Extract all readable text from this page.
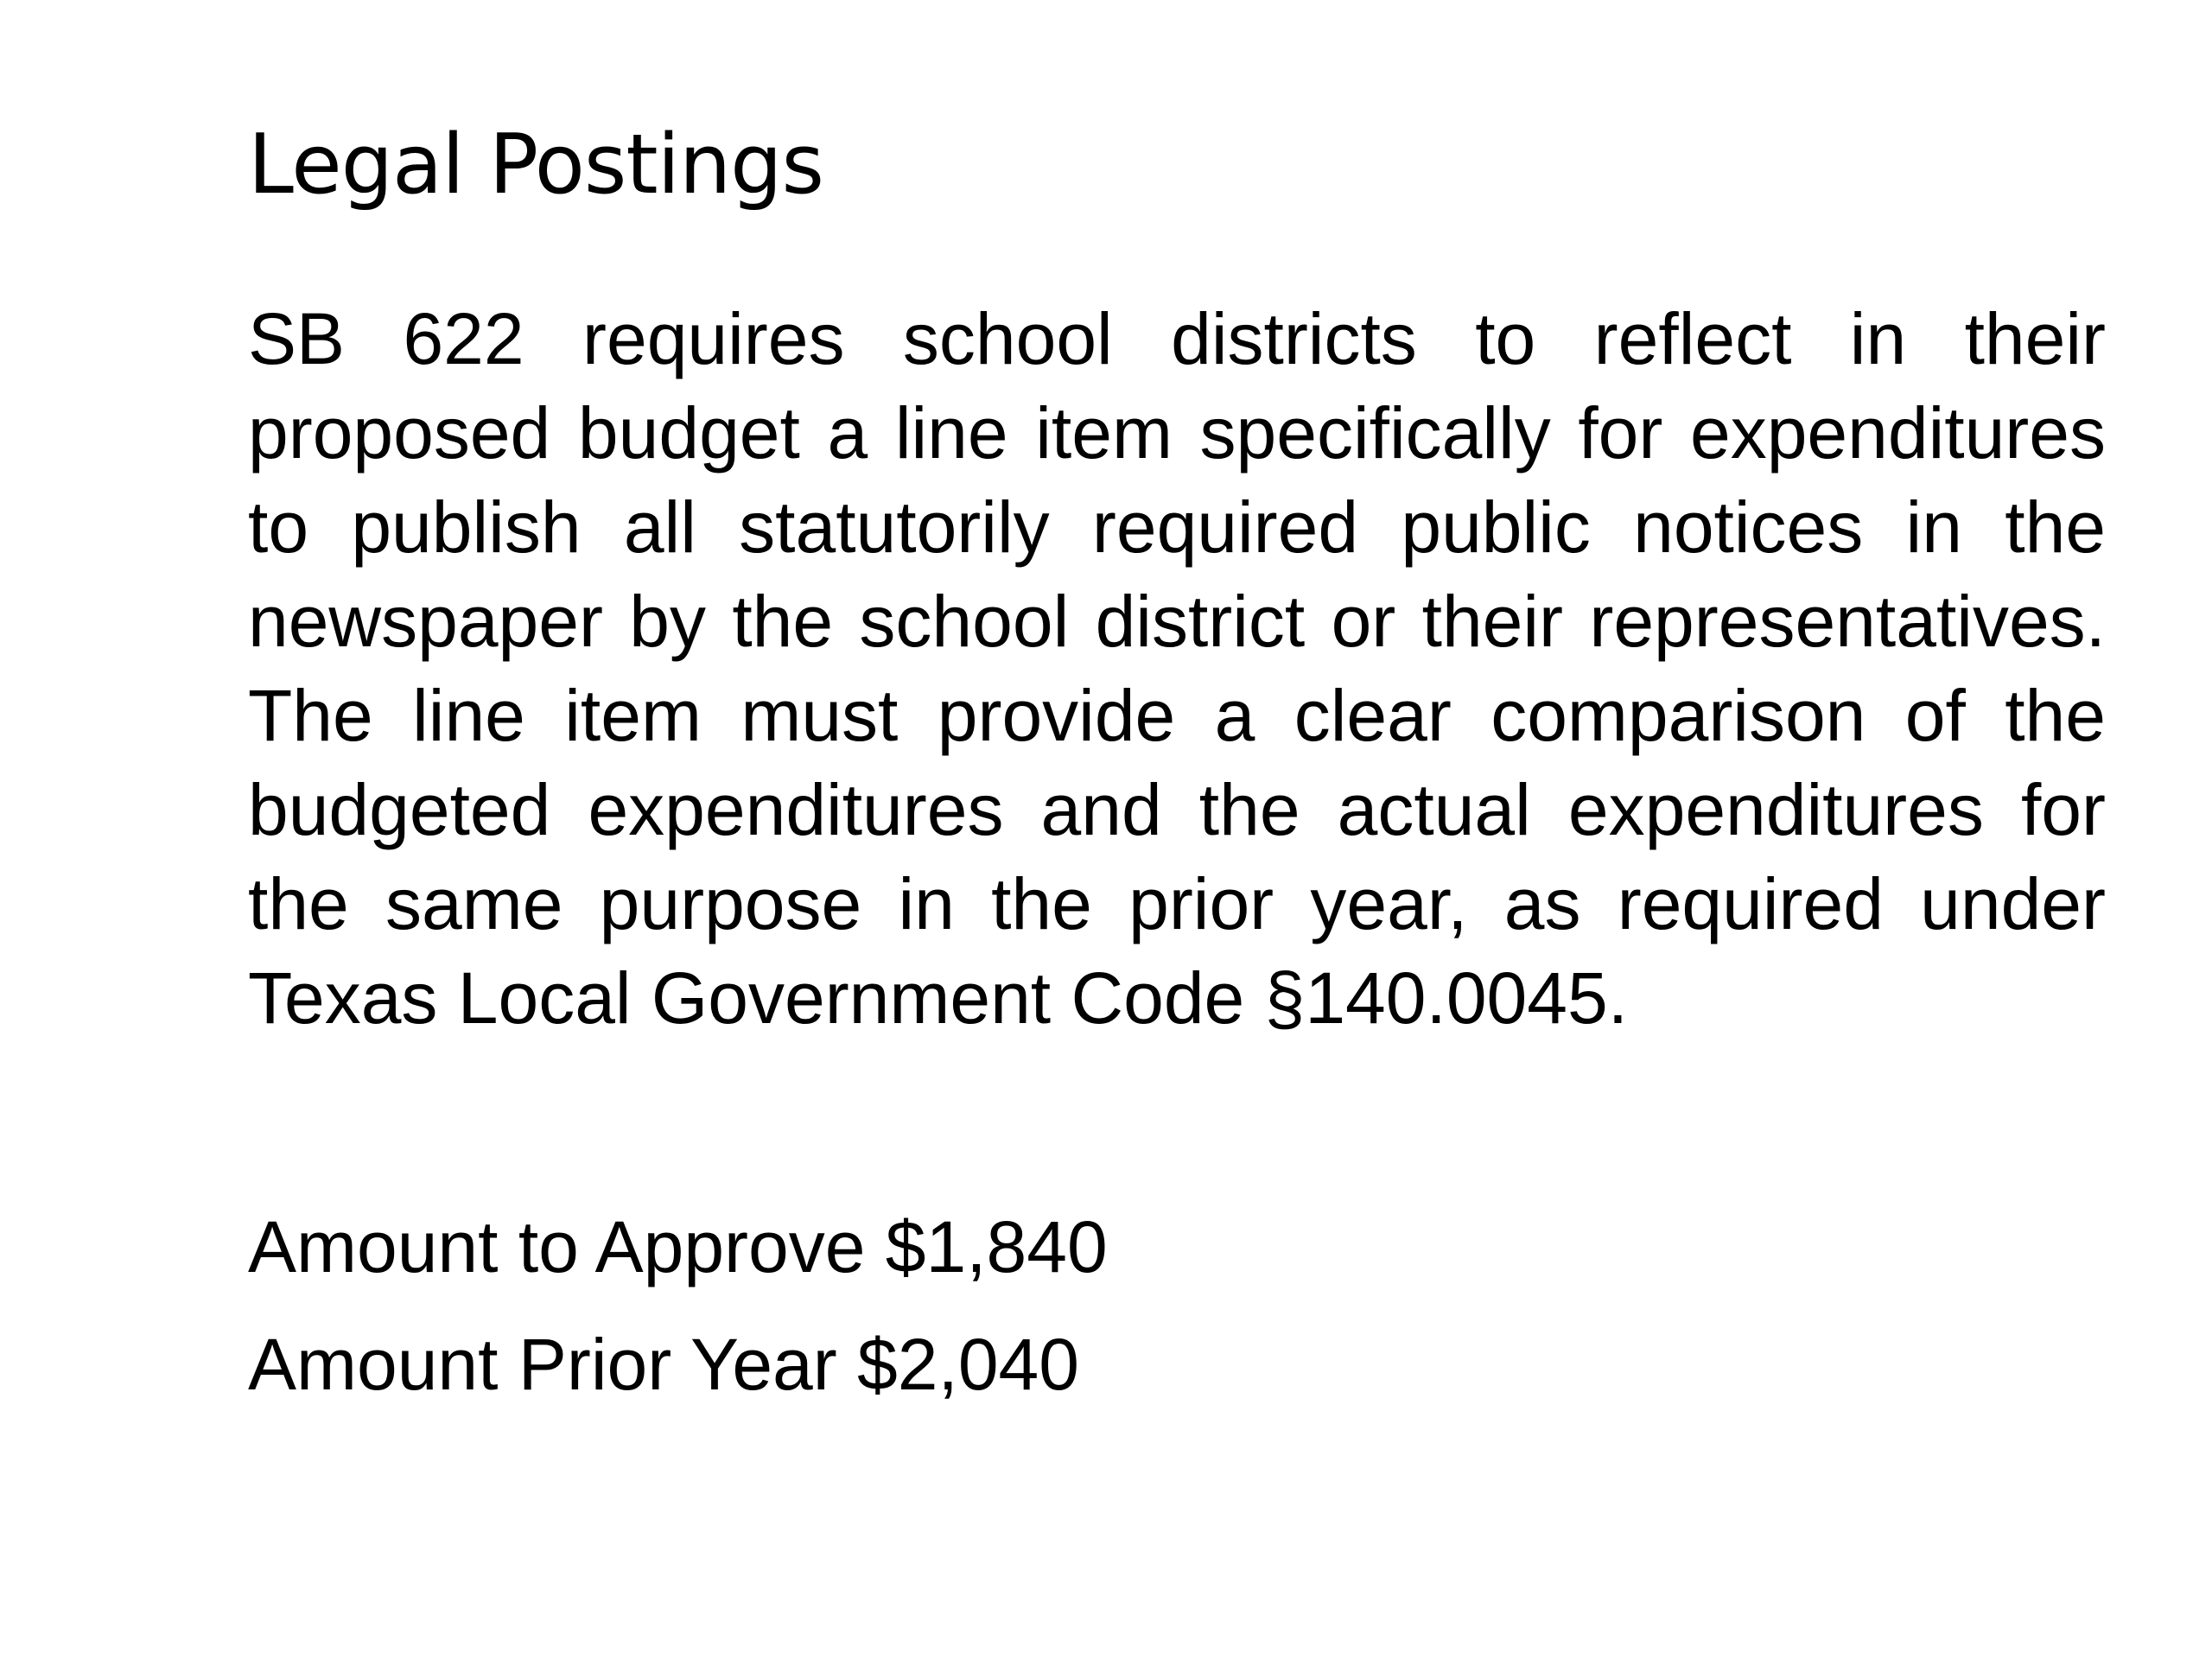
Legal Postings

SB 622 requires school districts to reflect in their proposed budget a line item specifically for expenditures to publish all statutorily required public notices in the newspaper by the school district or their representatives. The line item must provide a clear comparison of the budgeted expenditures and the actual expenditures for the same purpose in the prior year, as required under Texas Local Government Code §140.0045.

Amount to Approve $1,840

Amount Prior Year $2,040
